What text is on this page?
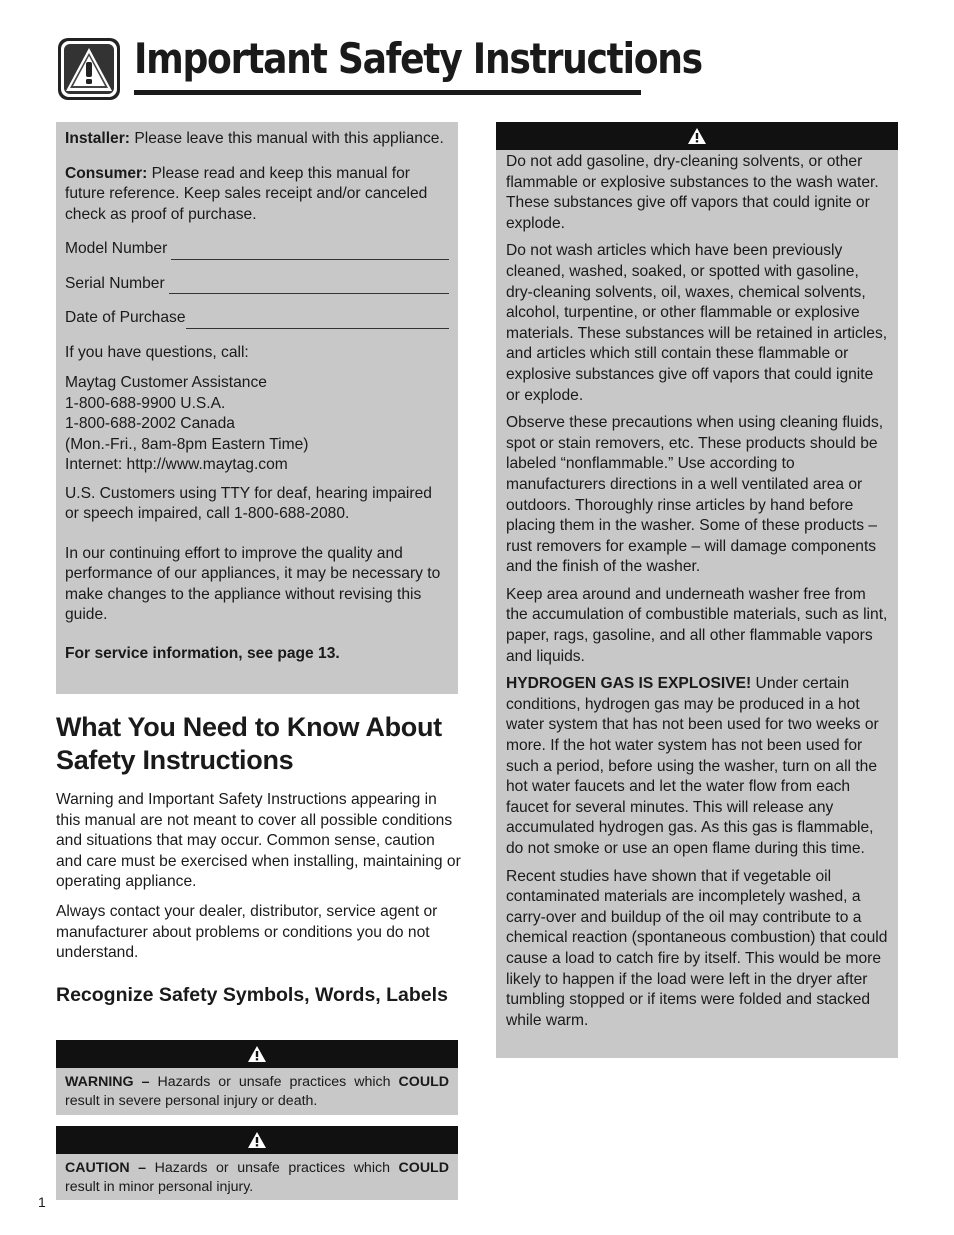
Important Safety Instructions

Installer: Please leave this manual with this appliance.

Consumer: Please read and keep this manual for future reference. Keep sales receipt and/or canceled check as proof of purchase.

Model Number
Serial Number
Date of Purchase

If you have questions, call:

Maytag Customer Assistance

1-800-688-9900 U.S.A.

1-800-688-2002 Canada

(Mon.-Fri., 8am-8pm Eastern Time)

Internet: http://www.maytag.com

U.S. Customers using TTY for deaf, hearing impaired or speech impaired, call 1-800-688-2080.

In our continuing effort to improve the quality and performance of our appliances, it may be necessary to make changes to the appliance without revising this guide.

For service information, see page 13.

What You Need to Know About Safety Instructions
Warning and Important Safety Instructions appearing in this manual are not meant to cover all possible conditions and situations that may occur. Common sense, caution and care must be exercised when installing, maintaining or operating appliance.
Always contact your dealer, distributor, service agent or manufacturer about problems or conditions you do not understand.
Recognize Safety Symbols, Words, Labels
WARNING – Hazards or unsafe practices which COULD result in severe personal injury or death.
CAUTION – Hazards or unsafe practices which COULD result in minor personal injury.

Do not add gasoline, dry-cleaning solvents, or other flammable or explosive substances to the wash water. These substances give off vapors that could ignite or explode.

Do not wash articles which have been previously cleaned, washed, soaked, or spotted with gasoline, dry-cleaning solvents, oil, waxes, chemical solvents, alcohol, turpentine, or other flammable or explosive materials. These substances will be retained in articles, and articles which still contain these flammable or explosive substances give off vapors that could ignite or explode.

Observe these precautions when using cleaning fluids, spot or stain removers, etc. These products should be labeled “nonflammable.” Use according to manufacturers directions in a well ventilated area or outdoors. Thoroughly rinse articles by hand before placing them in the washer. Some of these products – rust removers for example – will damage components and the finish of the washer.

Keep area around and underneath washer free from the accumulation of combustible materials, such as lint, paper, rags, gasoline, and all other flammable vapors and liquids.

HYDROGEN GAS IS EXPLOSIVE! Under certain conditions, hydrogen gas may be produced in a hot water system that has not been used for two weeks or more. If the hot water system has not been used for such a period, before using the washer, turn on all the hot water faucets and let the water flow from each faucet for several minutes. This will release any accumulated hydrogen gas. As this gas is flammable, do not smoke or use an open flame during this time.

Recent studies have shown that if vegetable oil contaminated materials are incompletely washed, a carry-over and buildup of the oil may contribute to a chemical reaction (spontaneous combustion) that could cause a load to catch fire by itself. This would be more likely to happen if the load were left in the dryer after tumbling stopped or if items were folded and stacked while warm.

1
